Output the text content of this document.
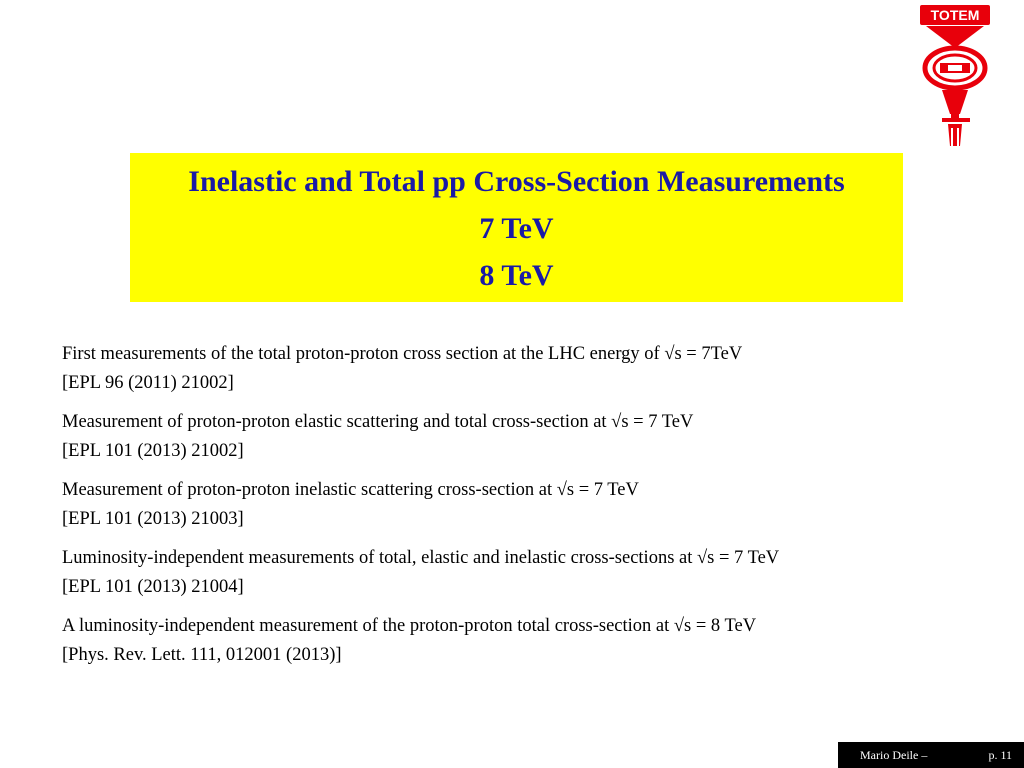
TOTEM
Inelastic and Total pp Cross-Section Measurements
7 TeV
8 TeV
First measurements of the total proton-proton cross section at the LHC energy of √s = 7TeV
[EPL 96 (2011) 21002]
Measurement of proton-proton elastic scattering and total cross-section at √s = 7 TeV
[EPL 101 (2013) 21002]
Measurement of proton-proton inelastic scattering cross-section at √s = 7 TeV
[EPL 101 (2013) 21003]
Luminosity-independent measurements of total, elastic and inelastic cross-sections at √s = 7 TeV
[EPL 101 (2013) 21004]
A luminosity-independent measurement of the proton-proton total cross-section at √s = 8 TeV
[Phys. Rev. Lett. 111, 012001 (2013)]
Mario Deile –	p. 11
